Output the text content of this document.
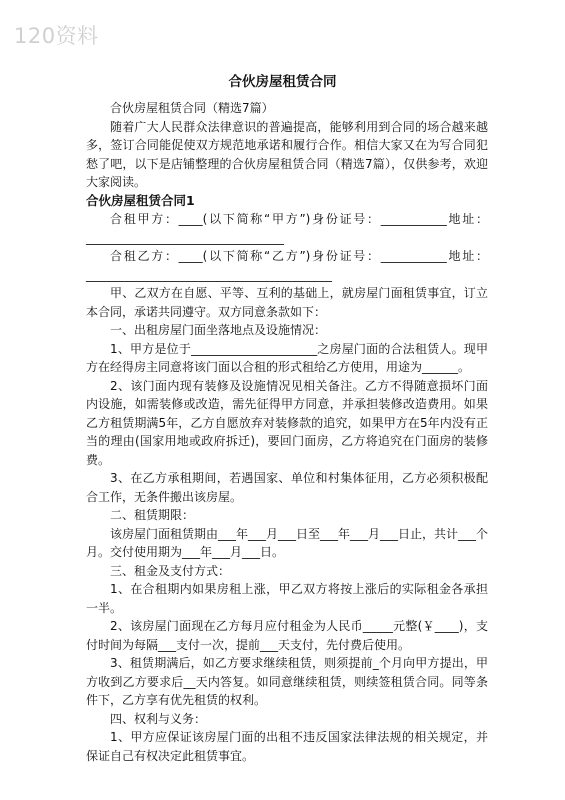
120资料
合伙房屋租赁合同

合伙房屋租赁合同（精选7篇）

随着广大人民群众法律意识的普遍提高，能够利用到合同的场合越来越多，签订合同能促使双方规范地承诺和履行合作。相信大家又在为写合同犯愁了吧，以下是店铺整理的合伙房屋租赁合同（精选7篇），仅供参考，欢迎大家阅读。

合伙房屋租赁合同1

合租甲方：____(以下简称“甲方”)身份证号：___________地址：_________________________________

合租乙方：____(以下简称“乙方”)身份证号：___________地址：_________________________________________

甲、乙双方在自愿、平等、互利的基础上，就房屋门面租赁事宜，订立本合同，承诺共同遵守。双方同意条款如下：

一、出租房屋门面坐落地点及设施情况：

1、甲方是位于_____________________之房屋门面的合法租赁人。现甲方在经得房主同意将该门面以合租的形式租给乙方使用，用途为______。

2、该门面内现有装修及设施情况见相关备注。乙方不得随意损坏门面内设施，如需装修或改造，需先征得甲方同意，并承担装修改造费用。如果乙方租赁期满5年，乙方自愿放弃对装修款的追究，如果甲方在5年内没有正当的理由(国家用地或政府拆迁)，要回门面房，乙方将追究在门面房的装修费。

3、在乙方承租期间，若遇国家、单位和村集体征用，乙方必须积极配合工作，无条件搬出该房屋。

二、租赁期限：

该房屋门面租赁期由___年___月___日至___年___月___日止，共计___个月。交付使用期为___年___月___日。

三、租金及支付方式：

1、在合租期内如果房租上涨，甲乙双方将按上涨后的实际租金各承担一半。

2、该房屋门面现在乙方每月应付租金为人民币_____元整(￥____)，支付时间为每隔___支付一次，提前___天支付，先付费后使用。

3、租赁期满后，如乙方要求继续租赁，则须提前_个月向甲方提出，甲方收到乙方要求后__天内答复。如同意继续租赁，则续签租赁合同。同等条件下，乙方享有优先租赁的权利。

四、权利与义务：

1、甲方应保证该房屋门面的出租不违反国家法律法规的相关规定，并保证自己有权决定此租赁事宜。
